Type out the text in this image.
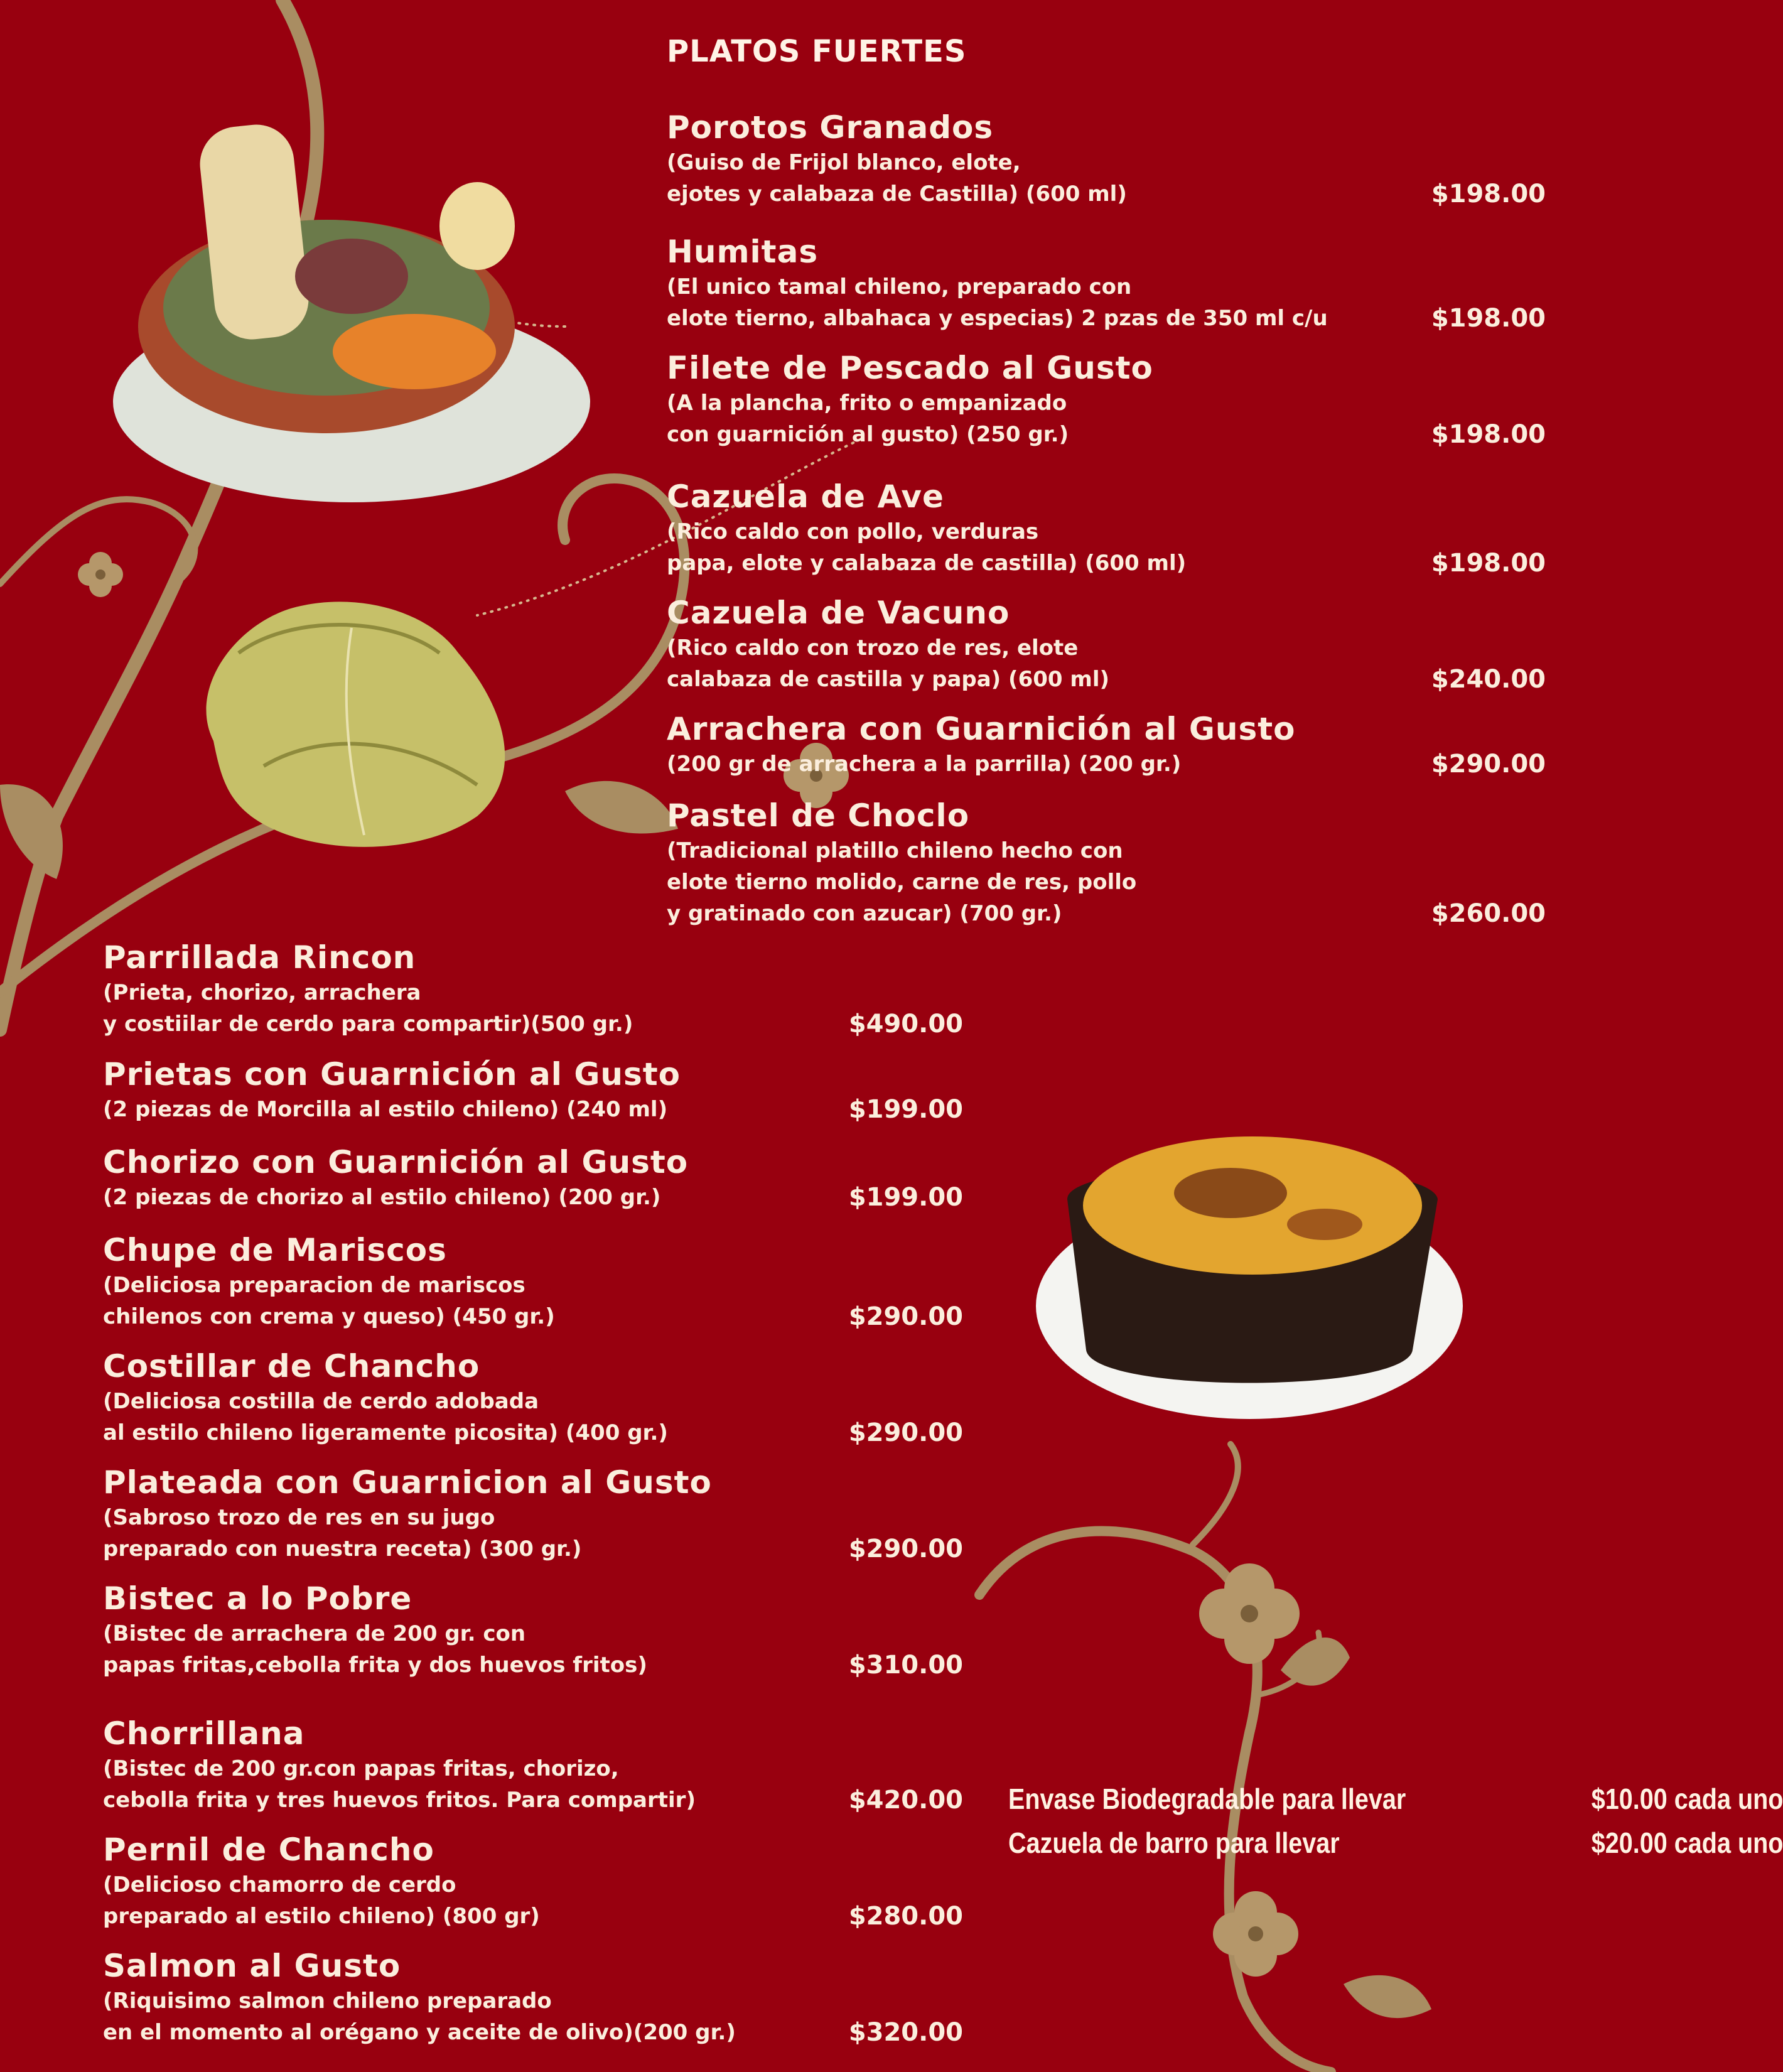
PLATOS FUERTES
Porotos Granados
(Guiso de Frijol blanco, elote,
ejotes y calabaza de Castilla) (600 ml)	$198.00
Humitas
(El unico tamal chileno, preparado con
elote tierno, albahaca y especias) 2 pzas de 350 ml c/u	$198.00
Filete de Pescado al Gusto
(A la plancha, frito o empanizado
con guarnición al gusto) (250 gr.)	$198.00
Cazuela de Ave
(Rico caldo con pollo, verduras
papa, elote y calabaza de castilla) (600 ml)	$198.00
Cazuela de Vacuno
(Rico caldo con trozo de res, elote
calabaza de castilla y papa) (600 ml)	$240.00
Arrachera con Guarnición al Gusto
(200 gr de arrachera a la parrilla) (200 gr.)	$290.00
Pastel de Choclo
(Tradicional platillo chileno hecho con
elote tierno molido, carne de res, pollo
y gratinado con azucar) (700 gr.)	$260.00
Parrillada Rincon
(Prieta, chorizo, arrachera
y costiilar de cerdo para compartir)(500 gr.)	$490.00
Prietas con Guarnición al Gusto
(2 piezas de Morcilla al estilo chileno) (240 ml)	$199.00
Chorizo con Guarnición al Gusto
(2 piezas de chorizo al estilo chileno) (200 gr.)	$199.00
Chupe de Mariscos
(Deliciosa preparacion de mariscos
chilenos con crema y queso) (450 gr.)	$290.00
Costillar de Chancho
(Deliciosa costilla de cerdo adobada
al estilo chileno ligeramente picosita) (400 gr.)	$290.00
Plateada con Guarnicion al Gusto
(Sabroso trozo de res en su jugo
preparado con nuestra receta) (300 gr.)	$290.00
Bistec a lo Pobre
(Bistec de arrachera de 200 gr. con
papas fritas,cebolla frita y dos huevos fritos)	$310.00
Chorrillana
(Bistec de 200 gr.con papas fritas, chorizo,
cebolla frita y tres huevos fritos. Para compartir)	$420.00
Pernil de Chancho
(Delicioso chamorro de cerdo
preparado al estilo chileno) (800 gr)	$280.00
Salmon al Gusto
(Riquisimo salmon chileno preparado
en el momento al orégano y aceite de olivo)(200 gr.)	$320.00
Envase Biodegradable para llevar	$10.00 cada uno
Cazuela de barro para llevar	$20.00 cada uno
